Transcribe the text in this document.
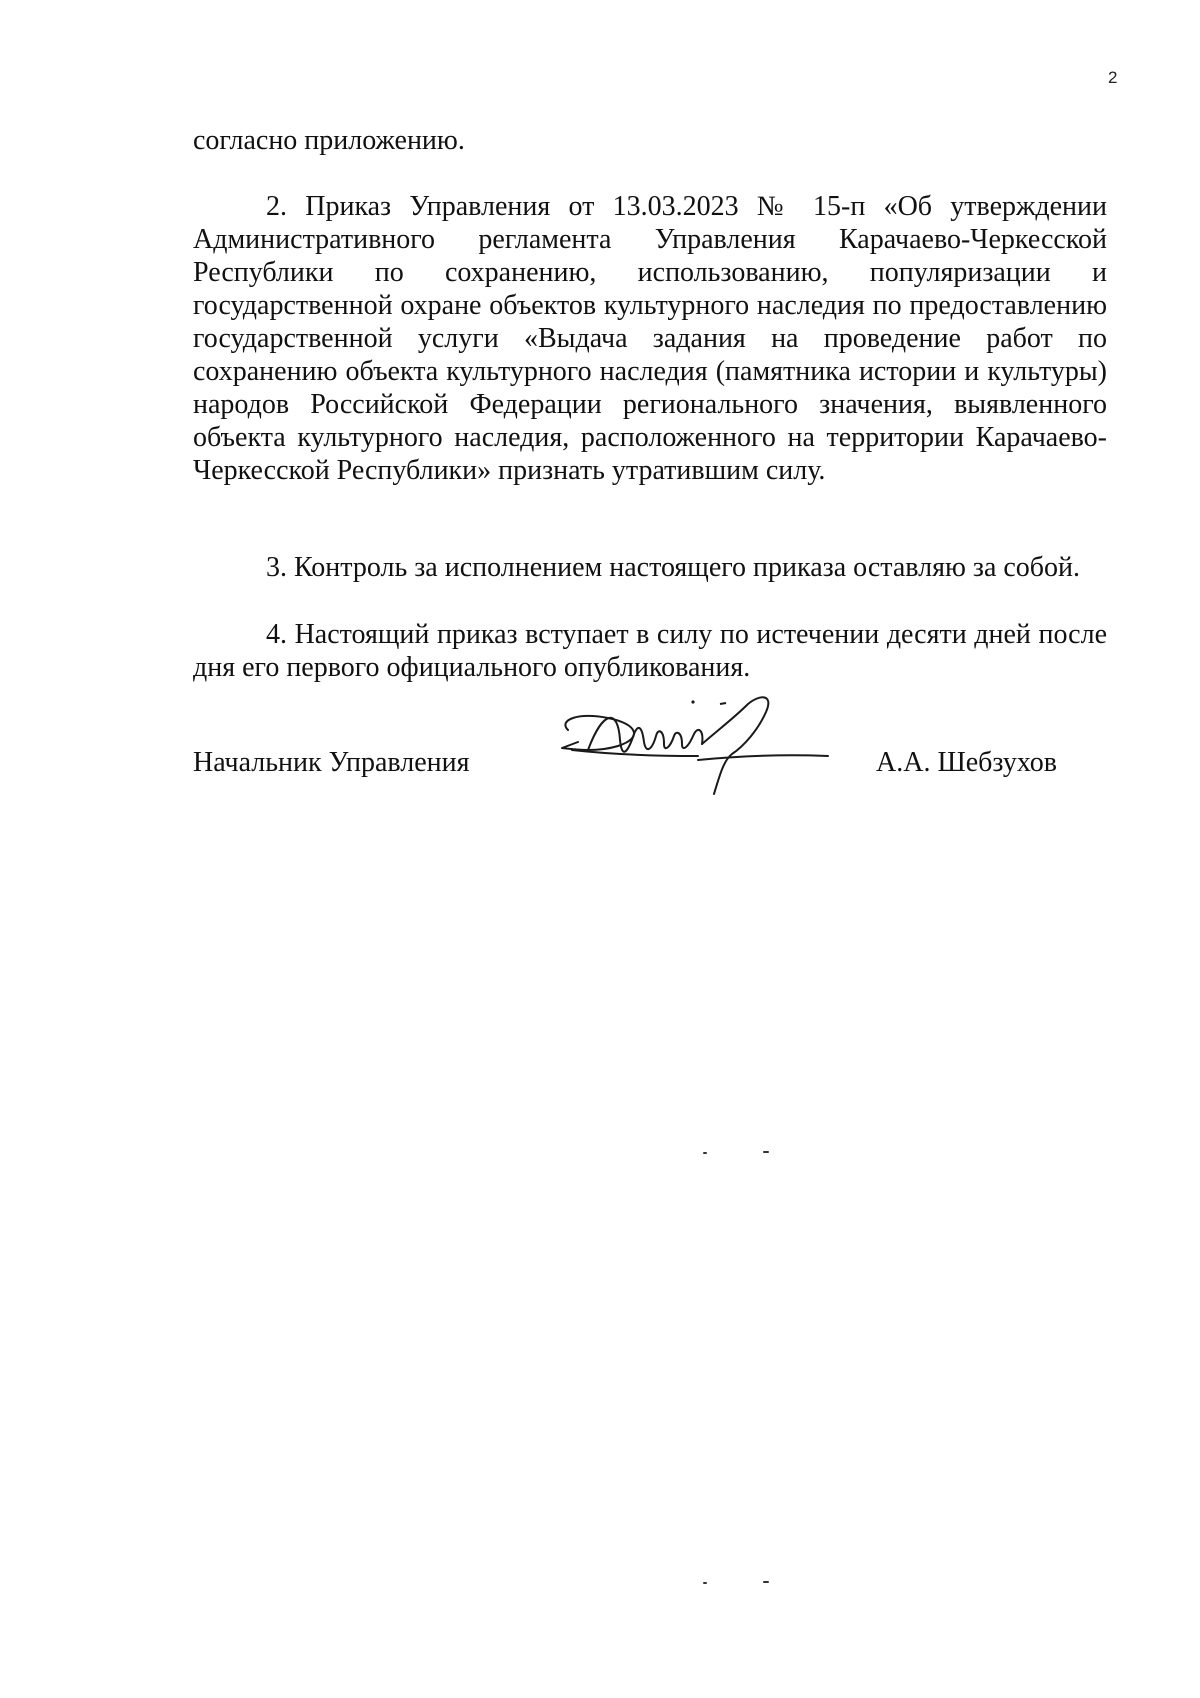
2

согласно приложению.

2. Приказ Управления от 13.03.2023 № 15-п «Об утверждении Административного регламента Управления Карачаево-Черкесской Республики по сохранению, использованию, популяризации и государственной охране объектов культурного наследия по предоставлению государственной услуги «Выдача задания на проведение работ по сохранению объекта культурного наследия (памятника истории и культуры) народов Российской Федерации регионального значения, выявленного объекта культурного наследия, расположенного на территории Карачаево-Черкесской Республики» признать утратившим силу.

3. Контроль за исполнением настоящего приказа оставляю за собой.

4. Настоящий приказ вступает в силу по истечении десяти дней после дня его первого официального опубликования.

Начальник Управления	А.А. Шебзухов
